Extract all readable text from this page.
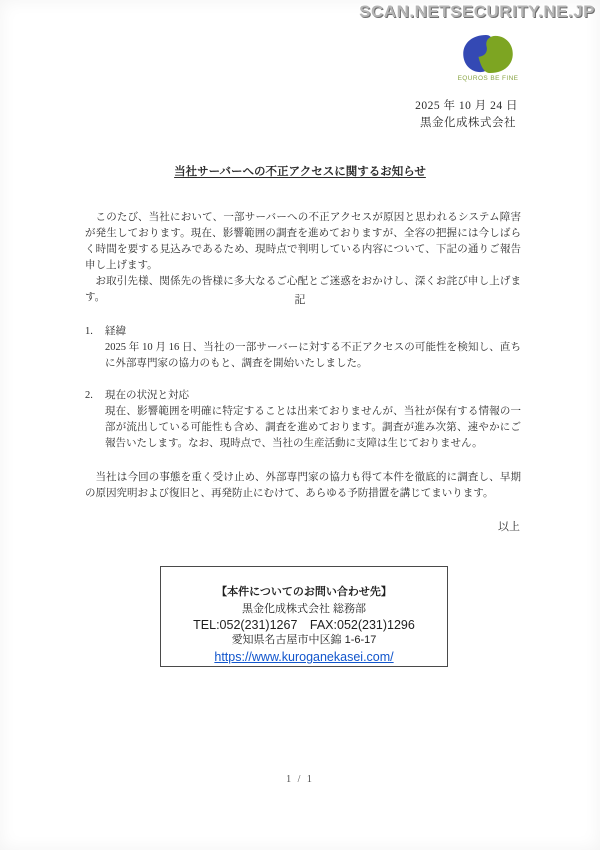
SCAN.NETSECURITY.NE.JP
EQUROS BE FINE
2025 年 10 月 24 日
黒金化成株式会社
当社サーバーへの不正アクセスに関するお知らせ

このたび、当社において、一部サーバーへの不正アクセスが原因と思われるシステム障害が発生しております。現在、影響範囲の調査を進めておりますが、全容の把握には今しばらく時間を要する見込みであるため、現時点で判明している内容について、下記の通りご報告申し上げます。

お取引先様、関係先の皆様に多大なるご心配とご迷惑をおかけし、深くお詫び申し上げます。	記
1.	経緯
2025 年 10 月 16 日、当社の一部サーバーに対する不正アクセスの可能性を検知し、直ちに外部専門家の協力のもと、調査を開始いたしました。
2.	現在の状況と対応
現在、影響範囲を明確に特定することは出来ておりませんが、当社が保有する情報の一部が流出している可能性も含め、調査を進めております。調査が進み次第、速やかにご報告いたします。なお、現時点で、当社の生産活動に支障は生じておりません。

当社は今回の事態を重く受け止め、外部専門家の協力も得て本件を徹底的に調査し、早期の原因究明および復旧と、再発防止にむけて、あらゆる予防措置を講じてまいります。

以上
【本件についてのお問い合わせ先】
黒金化成株式会社 総務部
TEL:052(231)1267　FAX:052(231)1296
愛知県名古屋市中区錦 1-6-17
https://www.kuroganekasei.com/
1 / 1
